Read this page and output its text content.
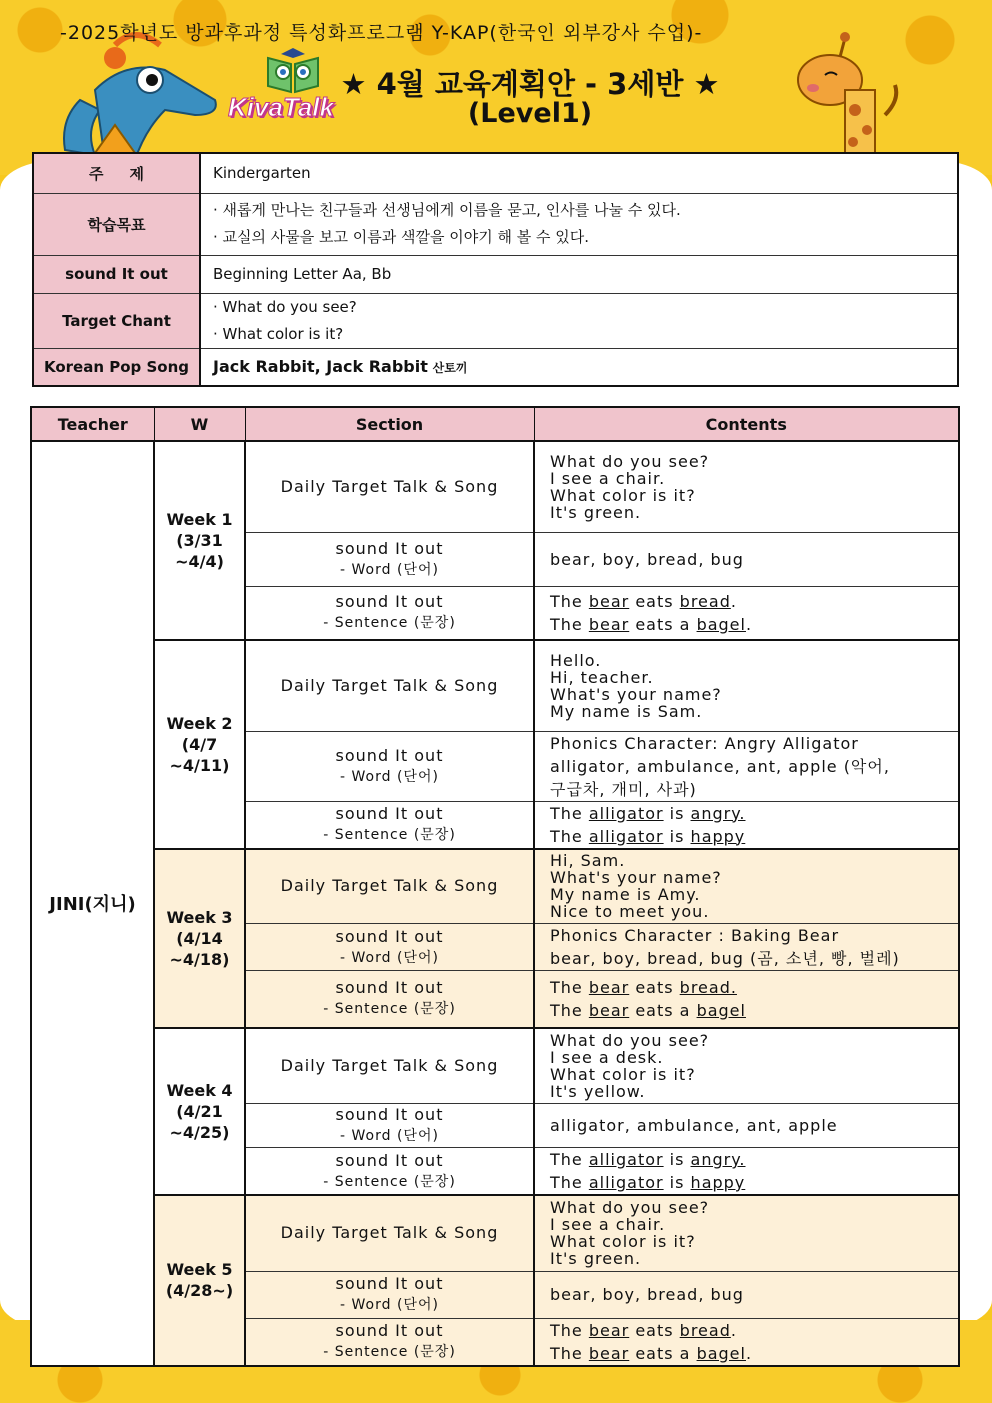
-2025학년도 방과후과정 특성화프로그램 Y-KAP(한국인 외부강사 수업)-
KivaTalk
★ 4월 교육계획안 - 3세반 ★
(Level1)
주     제	Kindergarten
학습목표	· 새롭게 만나는 친구들과 선생님에게 이름을 묻고, 인사를 나눌 수 있다.
· 교실의 사물을 보고 이름과 색깔을 이야기 해 볼 수 있다.

sound It out	Beginning Letter Aa, Bb
Target Chant	· What do you see?
· What color is it?

Korean Pop Song	Jack Rabbit, Jack Rabbit 산토끼
Teacher	W	Section	Contents
JINI(지니)	Week 1
(3/31
~4/4)	Daily Target Talk & Song	What do you see?
I see a chair.
What color is it?
It's green.

		sound It out
- Word (단어)	bear, boy, bread, bug
		sound It out
- Sentence (문장)	The bear eats bread.
The bear eats a bagel.

	Week 2
(4/7
~4/11)	Daily Target Talk & Song	Hello.
Hi, teacher.
What's your name?
My name is Sam.

		sound It out
- Word (단어)	Phonics Character: Angry Alligator
alligator, ambulance, ant, apple (악어,
구급차, 개미, 사과)

		sound It out
- Sentence (문장)	The alligator is angry.
The alligator is happy

	Week 3
(4/14
~4/18)	Daily Target Talk & Song	Hi, Sam.
What's your name?
My name is Amy.
Nice to meet you.

		sound It out
- Word (단어)	Phonics Character : Baking Bear
bear, boy, bread, bug (곰, 소년, 빵, 벌레)

		sound It out
- Sentence (문장)	The bear eats bread.
The bear eats a bagel

	Week 4
(4/21
~4/25)	Daily Target Talk & Song	What do you see?
I see a desk.
What color is it?
It's yellow.

		sound It out
- Word (단어)	alligator, ambulance, ant, apple
		sound It out
- Sentence (문장)	The alligator is angry.
The alligator is happy

	Week 5
(4/28~)	Daily Target Talk & Song	What do you see?
I see a chair.
What color is it?
It's green.

		sound It out
- Word (단어)	bear, boy, bread, bug
		sound It out
- Sentence (문장)	The bear eats bread.
The bear eats a bagel.
